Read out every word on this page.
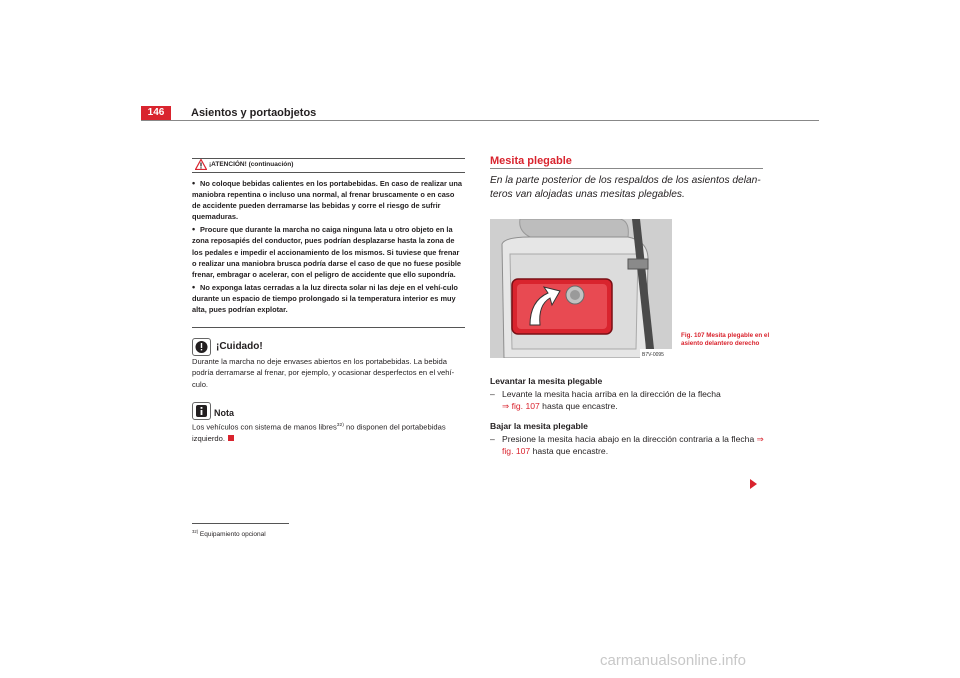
146	Asientos y portaobjetos
¡ATENCIÓN! (continuación)
• No coloque bebidas calientes en los portabebidas. En caso de realizar una maniobra repentina o incluso una normal, al frenar bruscamente o en caso de accidente pueden derramarse las bebidas y corre el riesgo de sufrir quemaduras.
• Procure que durante la marcha no caiga ninguna lata u otro objeto en la zona reposapiés del conductor, pues podrían desplazarse hasta la zona de los pedales e impedir el accionamiento de los mismos. Si tuviese que frenar o realizar una maniobra brusca podría darse el caso de que no fuese posible frenar, embragar o acelerar, con el peligro de accidente que ello supondría.
• No exponga latas cerradas a la luz directa solar ni las deje en el vehí-culo durante un espacio de tiempo prolongado si la temperatura interior es muy alta, pues podrían explotar.
¡Cuidado!
Durante la marcha no deje envases abiertos en los portabebidas. La bebida podría derramarse al frenar, por ejemplo, y ocasionar desperfectos en el vehí-culo.
Nota
Los vehículos con sistema de manos libres$^{32)}$ no disponen del portabebidas izquierdo.
$^{32)}$ Equipamiento opcional
Mesita plegable
En la parte posterior de los respaldos de los asientos delan-teros van alojadas unas mesitas plegables.
B7V-0095
Fig. 107 Mesita plegable en el asiento delantero derecho
Levantar la mesita plegable
– Levante la mesita hacia arriba en la dirección de la flecha
⇒ fig. 107 hasta que encastre.
Bajar la mesita plegable
– Presione la mesita hacia abajo en la dirección contraria a la flecha ⇒ fig. 107 hasta que encastre.
carmanualsonline.info
